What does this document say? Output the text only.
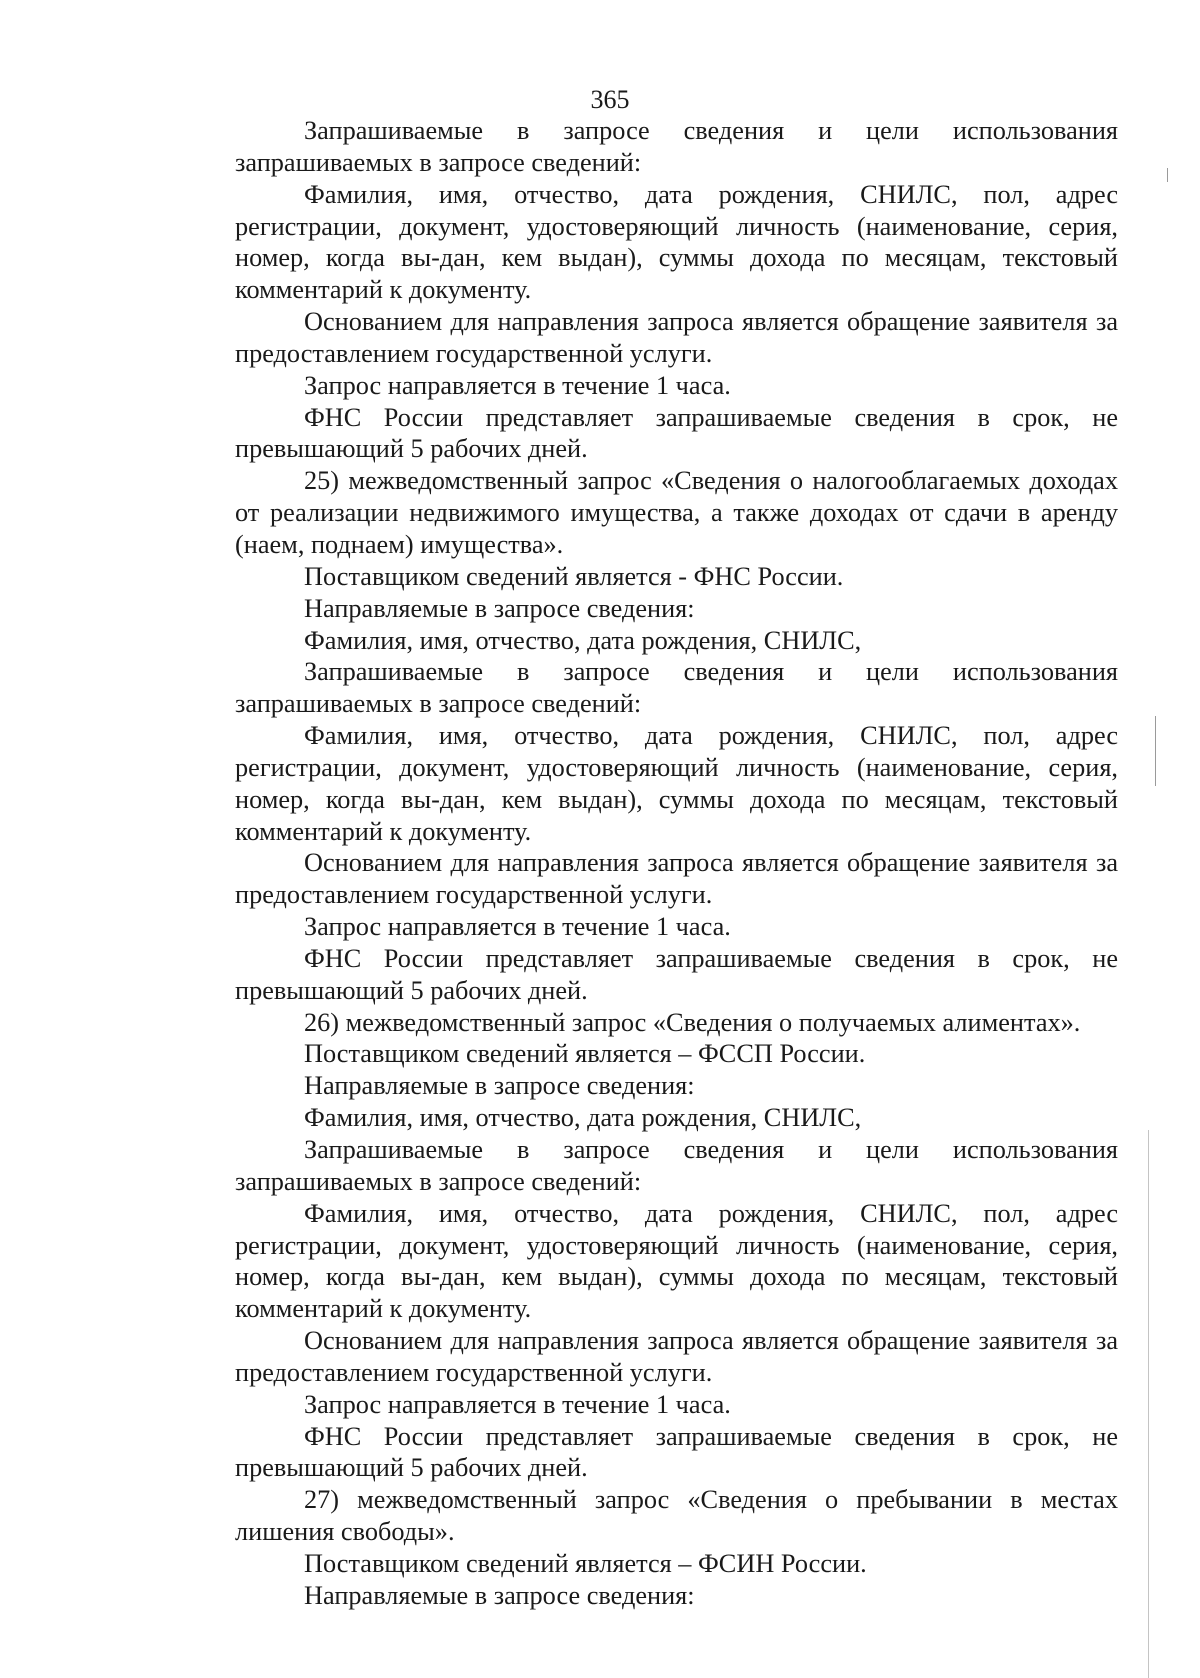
365

Запрашиваемые в запросе сведения и цели использования запрашиваемых в запросе сведений:

Фамилия, имя, отчество, дата рождения, СНИЛС, пол, адрес регистрации, документ, удостоверяющий личность (наименование, серия, номер, когда вы-дан, кем выдан), суммы дохода по месяцам, текстовый комментарий к документу.

Основанием для направления запроса является обращение заявителя за предоставлением государственной услуги.

Запрос направляется в течение 1 часа.

ФНС России представляет запрашиваемые сведения в срок, не превышающий 5 рабочих дней.

25) межведомственный запрос «Сведения о налогооблагаемых доходах от реализации недвижимого имущества, а также доходах от сдачи в аренду (наем, поднаем) имущества».

Поставщиком сведений является - ФНС России.

Направляемые в запросе сведения:

Фамилия, имя, отчество, дата рождения, СНИЛС,

Запрашиваемые в запросе сведения и цели использования запрашиваемых в запросе сведений:

Фамилия, имя, отчество, дата рождения, СНИЛС, пол, адрес регистрации, документ, удостоверяющий личность (наименование, серия, номер, когда вы-дан, кем выдан), суммы дохода по месяцам, текстовый комментарий к документу.

Основанием для направления запроса является обращение заявителя за предоставлением государственной услуги.

Запрос направляется в течение 1 часа.

ФНС России представляет запрашиваемые сведения в срок, не превышающий 5 рабочих дней.

26) межведомственный запрос «Сведения о получаемых алиментах».

Поставщиком сведений является – ФССП России.

Направляемые в запросе сведения:

Фамилия, имя, отчество, дата рождения, СНИЛС,

Запрашиваемые в запросе сведения и цели использования запрашиваемых в запросе сведений:

Фамилия, имя, отчество, дата рождения, СНИЛС, пол, адрес регистрации, документ, удостоверяющий личность (наименование, серия, номер, когда вы-дан, кем выдан), суммы дохода по месяцам, текстовый комментарий к документу.

Основанием для направления запроса является обращение заявителя за предоставлением государственной услуги.

Запрос направляется в течение 1 часа.

ФНС России представляет запрашиваемые сведения в срок, не превышающий 5 рабочих дней.

27) межведомственный запрос «Сведения о пребывании в местах лишения свободы».

Поставщиком сведений является – ФСИН России.

Направляемые в запросе сведения:
